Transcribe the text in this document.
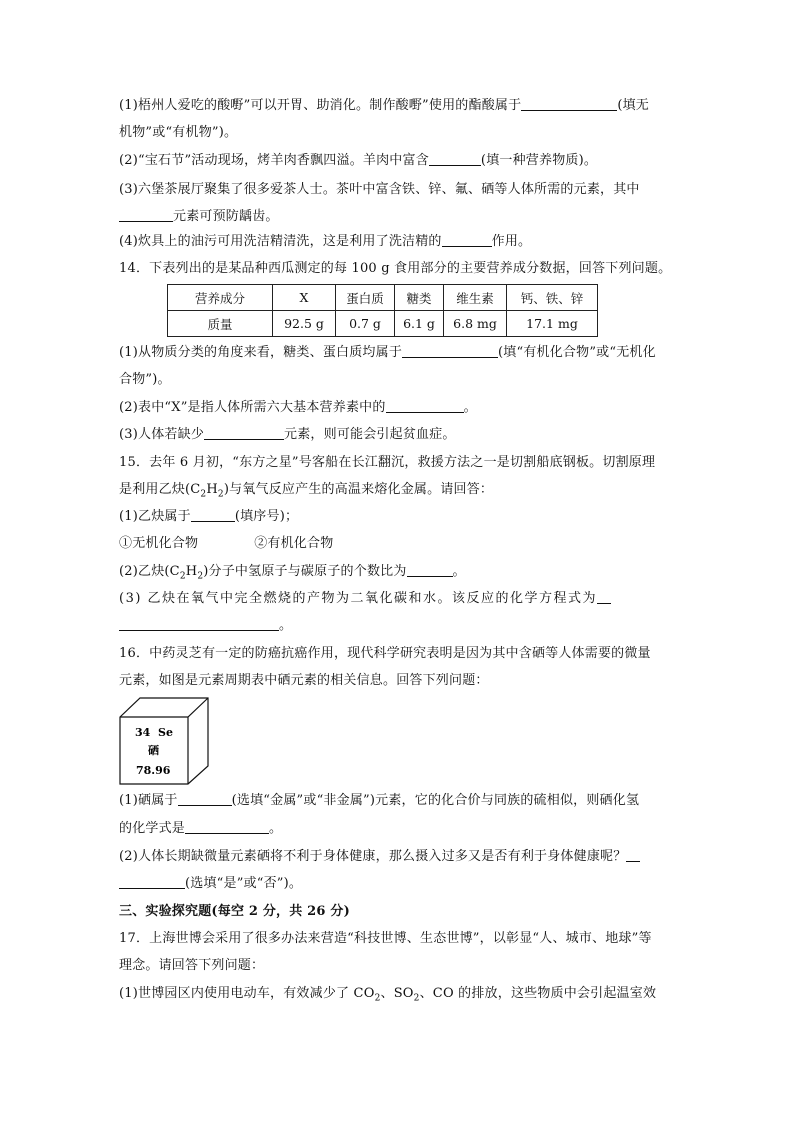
(1)梧州人爱吃的酸嘢”可以开胃、助消化。制作酸嘢”使用的酯酸属于	(填无
机物”或“有机物”)。
(2)“宝石节”活动现场，烤羊肉香飘四溢。羊肉中富含	(填一种营养物质)。
(3)六堡茶展厅聚集了很多爱茶人士。茶叶中富含铁、锌、氟、硒等人体所需的元素，其中
元素可预防龋齿。
(4)炊具上的油污可用洗洁精清洗，这是利用了洗洁精的	作用。
14．下表列出的是某品种西瓜测定的每 100 g 食用部分的主要营养成分数据，回答下列问题。
营养成分	X	蛋白质	糖类	维生素	钙、铁、锌
质量	92.5 g	0.7 g	6.1 g	6.8 mg	17.1 mg
(1)从物质分类的角度来看，糖类、蛋白质均属于	(填“有机化合物”或“无机化
合物”)。
(2)表中“X”是指人体所需六大基本营养素中的	。
(3)人体若缺少	元素，则可能会引起贫血症。
15．去年 6 月初，“东方之星”号客船在长江翻沉，救援方法之一是切割船底钢板。切割原理
是利用乙炔$(C_2H_2)$与氧气反应产生的高温来熔化金属。请回答：
(1)乙炔属于	(填序号)；
①无机化合物	②有机化合物
(2)乙炔$(C_2H_2)$分子中氢原子与碳原子的个数比为	。
(3) 乙炔在氧气中完全燃烧的产物为二氧化碳和水。该反应的化学方程式为
。
16．中药灵芝有一定的防癌抗癌作用，现代科学研究表明是因为其中含硒等人体需要的微量
元素，如图是元素周期表中硒元素的相关信息。回答下列问题：
34 Se
硒
78.96
(1)硒属于	(选填“金属”或“非金属”)元素，它的化合价与同族的硫相似，则硒化氢
的化学式是	。
(2)人体长期缺微量元素硒将不利于身体健康，那么摄入过多又是否有利于身体健康呢？
(选填“是”或“否”)。
三、实验探究题(每空 2 分，共 26 分)
17．上海世博会采用了很多办法来营造“科技世博、生态世博”，以彰显“人、城市、地球”等
理念。请回答下列问题：
(1)世博园区内使用电动车，有效减少了 $CO_2$、$SO_2$、CO 的排放，这些物质中会引起温室效
